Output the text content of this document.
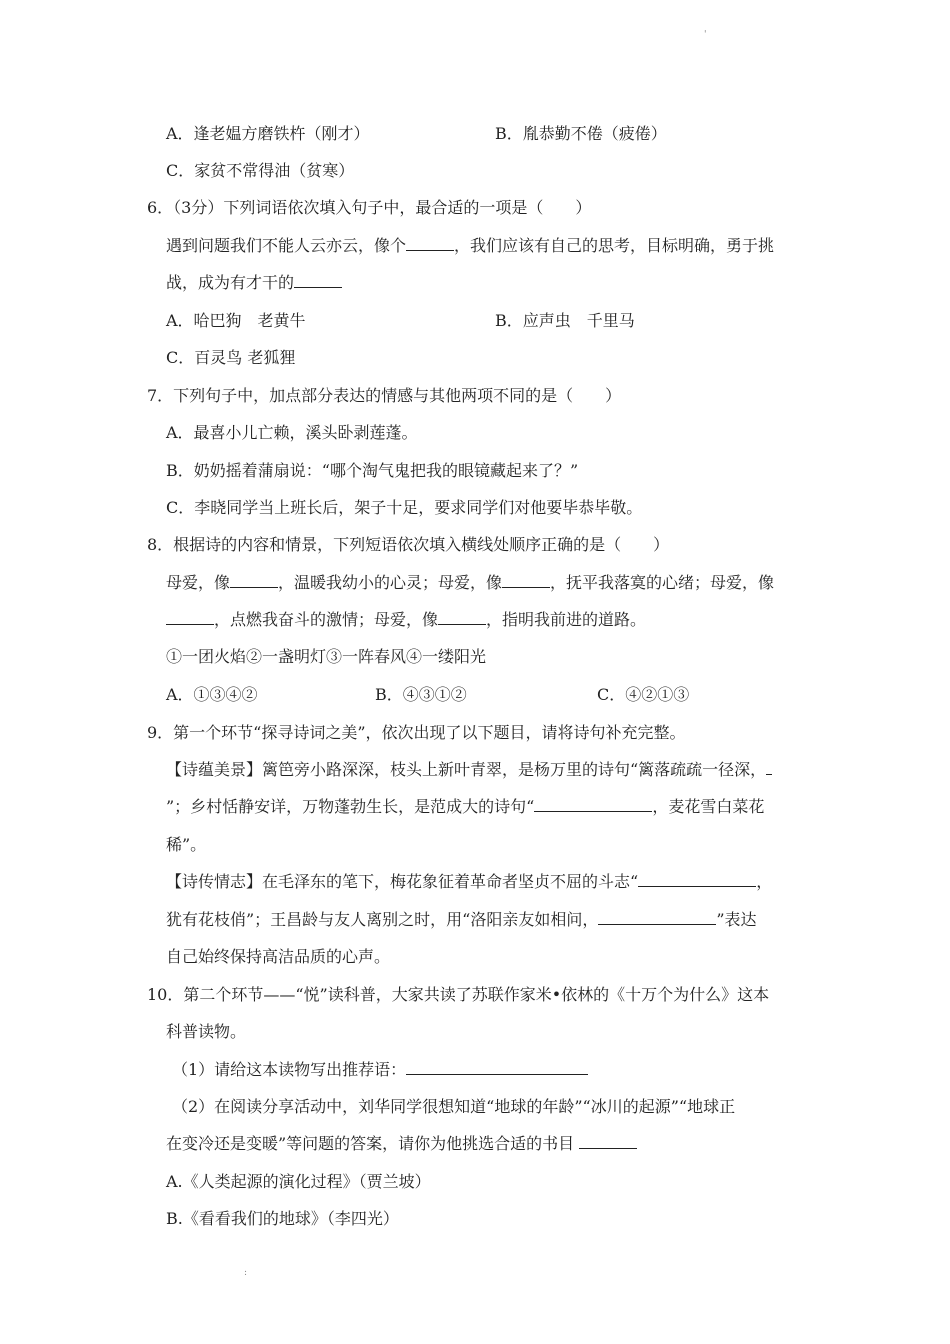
'
A．逢老媪方磨铁杵（刚才）	B．胤恭勤不倦（疲倦）
C．家贫不常得油（贫寒）
6．（3分）下列词语依次填入句子中，最合适的一项是（　　）
遇到问题我们不能人云亦云，像个	，我们应该有自己的思考，目标明确，勇于挑
战，成为有才干的
A．哈巴狗　老黄牛	B．应声虫　千里马
C．百灵鸟 老狐狸
7．下列句子中，加点部分表达的情感与其他两项不同的是（　　）
A．最喜小儿亡赖，溪头卧剥莲蓬。
B．奶奶摇着蒲扇说：“哪个淘气鬼把我的眼镜藏起来了？”
C．李晓同学当上班长后，架子十足，要求同学们对他要毕恭毕敬。
8．根据诗的内容和情景，下列短语依次填入横线处顺序正确的是（　　）
母爱，像	，温暖我幼小的心灵；母爱，像	，抚平我落寞的心绪；母爱，像
，点燃我奋斗的激情；母爱，像	，指明我前进的道路。
①一团火焰②一盏明灯③一阵春风④一缕阳光
A．①③④②	B．④③①②	C．④②①③
9．第一个环节“探寻诗词之美”，依次出现了以下题目，请将诗句补充完整。
【诗蕴美景】篱笆旁小路深深，枝头上新叶青翠，是杨万里的诗句“篱落疏疏一径深，
”；乡村恬静安详，万物蓬勃生长，是范成大的诗句“	，麦花雪白菜花
稀”。
【诗传情志】在毛泽东的笔下，梅花象征着革命者坚贞不屈的斗志“	，
犹有花枝俏”；王昌龄与友人离别之时，用“洛阳亲友如相问，	”表达
自己始终保持高洁品质的心声。
10．第二个环节——“悦”读科普，大家共读了苏联作家米•依林的《十万个为什么》这本
科普读物。
（1）请给这本读物写出推荐语：
（2）在阅读分享活动中，刘华同学很想知道“地球的年龄”“冰川的起源”“地球正
在变冷还是变暖”等问题的答案，请你为他挑选合适的书目
A.《人类起源的演化过程》（贾兰坡）
B.《看看我们的地球》（李四光）
:
